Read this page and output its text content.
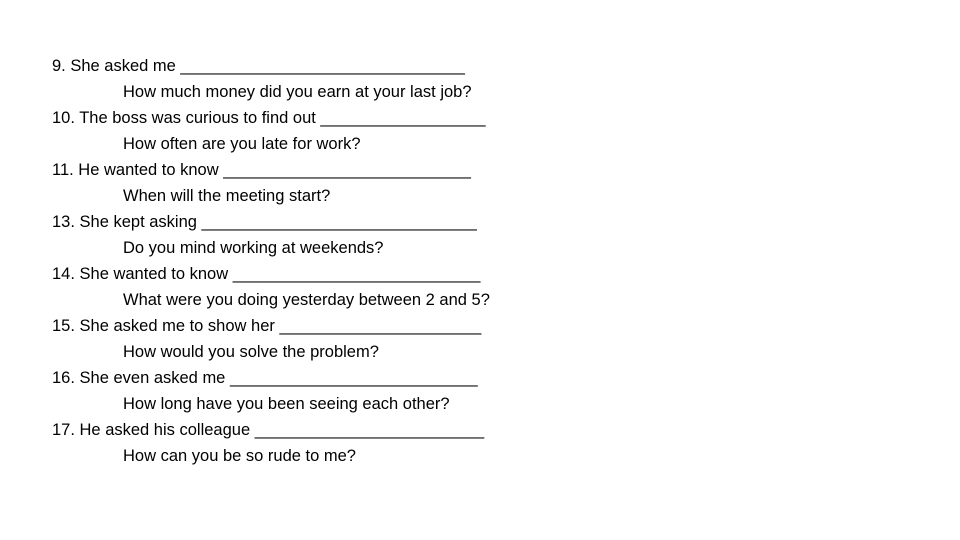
9. She asked me _______________________________
How much money did you earn at your last job?
10. The boss was curious to find out __________________
How often are you late for work?
11. He wanted to know ___________________________
When will the meeting start?
13. She kept asking ______________________________
Do you mind working at weekends?
14. She wanted to know ___________________________
What were you doing yesterday between 2 and 5?
15. She asked me to show her ______________________
How would you solve the problem?
16. She even asked me ___________________________
How long have you been seeing each other?
17. He asked his colleague _________________________
How can you be so rude to me?
